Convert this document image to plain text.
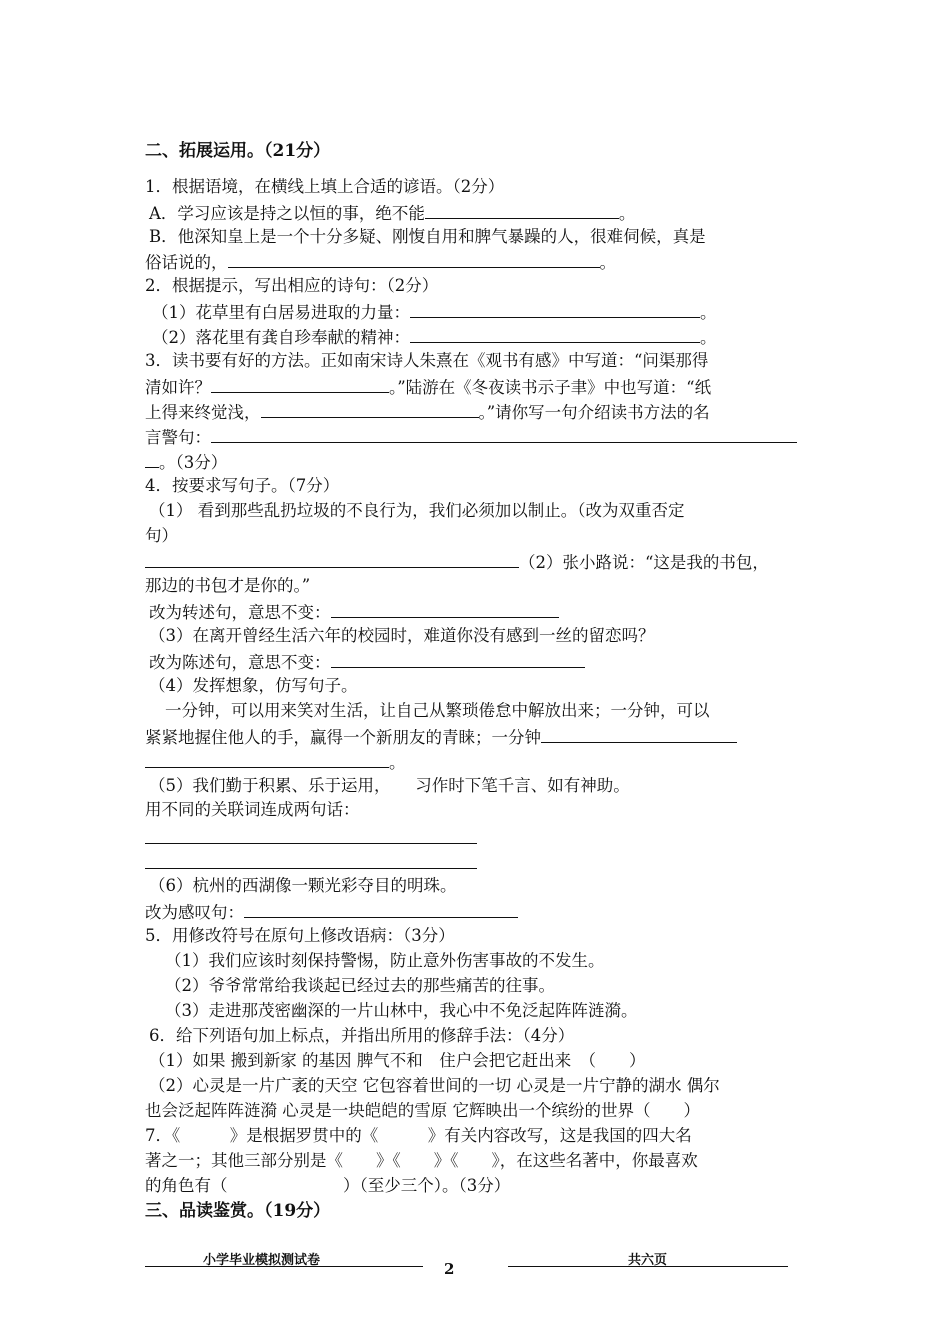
二、拓展运用。（21分）
1．根据语境，在横线上填上合适的谚语。（2分）
A．学习应该是持之以恒的事，绝不能	。
B．他深知皇上是一个十分多疑、刚愎自用和脾气暴躁的人，很难伺候，真是
俗话说的，	。
2．根据提示，写出相应的诗句：（2分）
（1）花草里有白居易进取的力量：	。
（2）落花里有龚自珍奉献的精神：	。
3．读书要有好的方法。正如南宋诗人朱熹在《观书有感》中写道：“问渠那得
清如许？	。”陆游在《冬夜读书示子聿》中也写道：“纸
上得来终觉浅，	。”请你写一句介绍读书方法的名
言警句：
。（3分）
4．按要求写句子。（7分）
（1） 看到那些乱扔垃圾的不良行为，我们必须加以制止。（改为双重否定
句）
（2）张小路说：“这是我的书包，
那边的书包才是你的。”
改为转述句，意思不变：
（3）在离开曾经生活六年的校园时，难道你没有感到一丝的留恋吗？
改为陈述句，意思不变：
（4）发挥想象，仿写句子。
一分钟，可以用来笑对生活，让自己从繁琐倦怠中解放出来；一分钟，可以
紧紧地握住他人的手，赢得一个新朋友的青睐；一分钟
。
（5）我们勤于积累、乐于运用，　　习作时下笔千言、如有神助。
用不同的关联词连成两句话：
（6）杭州的西湖像一颗光彩夺目的明珠。
改为感叹句：
5．用修改符号在原句上修改语病：（3分）
（1）我们应该时刻保持警惕，防止意外伤害事故的不发生。
（2）爷爷常常给我谈起已经过去的那些痛苦的往事。
（3）走进那茂密幽深的一片山林中，我心中不免泛起阵阵涟漪。
6．给下列语句加上标点，并指出所用的修辞手法：（4分）
（1）如果 搬到新家 的基因 脾气不和　住户会把它赶出来　（　　）
（2）心灵是一片广袤的天空 它包容着世间的一切 心灵是一片宁静的湖水 偶尔
也会泛起阵阵涟漪 心灵是一块皑皑的雪原 它辉映出一个缤纷的世界（　　）
7．《　　　》是根据罗贯中的《　　　》有关内容改写，这是我国的四大名
著之一；其他三部分别是《　　》《　　》《　　》，在这些名著中，你最喜欢
的角色有（　　　　　　　）（至少三个）。（3分）
三、品读鉴赏。（19分）
小学毕业模拟测试卷	2	共六页
